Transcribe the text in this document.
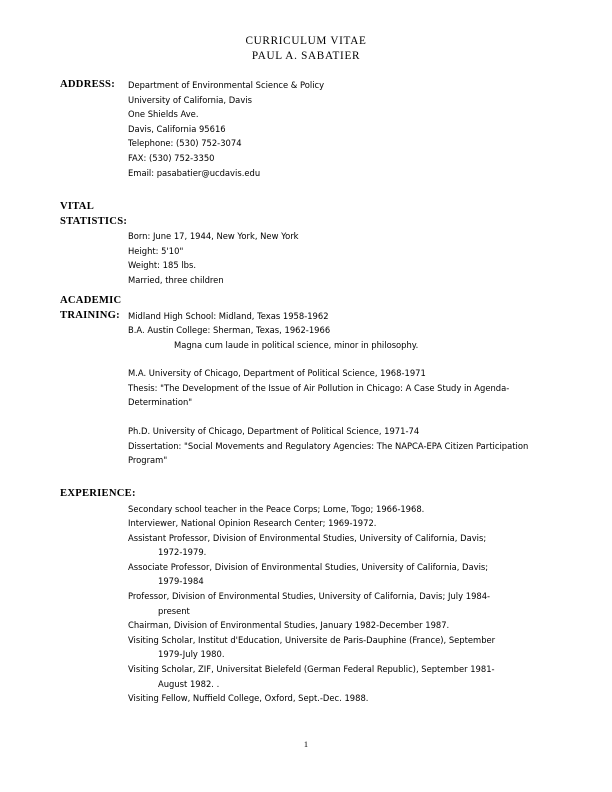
CURRICULUM VITAE
PAUL A. SABATIER
ADDRESS:	Department of Environmental Science & Policy
University of California, Davis
One Shields Ave.
Davis, California 95616
Telephone: (530) 752-3074
FAX: (530) 752-3350
Email: pasabatier@ucdavis.edu
VITAL
STATISTICS:
Born: June 17, 1944, New York, New York
Height: 5'10"
Weight: 185 lbs.
Married, three children
ACADEMIC
TRAINING: Midland High School: Midland, Texas 1958-1962
B.A. Austin College: Sherman, Texas, 1962-1966
Magna cum laude in political science, minor in philosophy.
M.A. University of Chicago, Department of Political Science, 1968-1971
Thesis: "The Development of the Issue of Air Pollution in Chicago: A Case Study in Agenda-Determination"
Ph.D. University of Chicago, Department of Political Science, 1971-74
Dissertation: "Social Movements and Regulatory Agencies: The NAPCA-EPA Citizen Participation Program"
EXPERIENCE:
Secondary school teacher in the Peace Corps; Lome, Togo; 1966-1968.
Interviewer, National Opinion Research Center; 1969-1972.
Assistant Professor, Division of Environmental Studies, University of California, Davis;
1972-1979.
Associate Professor, Division of Environmental Studies, University of California, Davis;
1979-1984
Professor, Division of Environmental Studies, University of California, Davis; July 1984-
present
Chairman, Division of Environmental Studies, January 1982-December 1987.
Visiting Scholar, Institut d'Education, Universite de Paris-Dauphine (France), September
1979-July 1980.
Visiting Scholar, ZIF, Universitat Bielefeld (German Federal Republic), September 1981-
August 1982. .
Visiting Fellow, Nuffield College, Oxford, Sept.-Dec. 1988.
1
